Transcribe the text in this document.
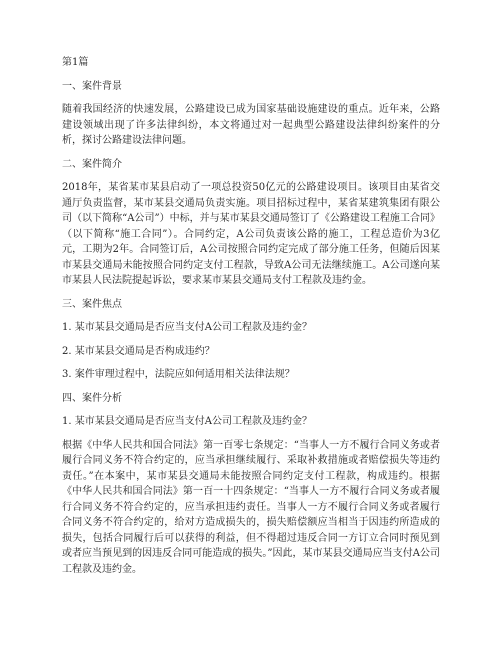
第1篇

一、案件背景

随着我国经济的快速发展，公路建设已成为国家基础设施建设的重点。近年来，公路建设领域出现了许多法律纠纷，本文将通过对一起典型公路建设法律纠纷案件的分析，探讨公路建设法律问题。

二、案件简介

2018年，某省某市某县启动了一项总投资50亿元的公路建设项目。该项目由某省交通厅负责监督，某市某县交通局负责实施。项目招标过程中，某省某建筑集团有限公司（以下简称“A公司”）中标，并与某市某县交通局签订了《公路建设工程施工合同》（以下简称“施工合同”）。合同约定，A公司负责该公路的施工，工程总造价为3亿元，工期为2年。合同签订后，A公司按照合同约定完成了部分施工任务，但随后因某市某县交通局未能按照合同约定支付工程款，导致A公司无法继续施工。A公司遂向某市某县人民法院提起诉讼，要求某市某县交通局支付工程款及违约金。

三、案件焦点

1. 某市某县交通局是否应当支付A公司工程款及违约金？

2. 某市某县交通局是否构成违约？

3. 案件审理过程中，法院应如何适用相关法律法规？

四、案件分析

1. 某市某县交通局是否应当支付A公司工程款及违约金？

根据《中华人民共和国合同法》第一百零七条规定：“当事人一方不履行合同义务或者履行合同义务不符合约定的，应当承担继续履行、采取补救措施或者赔偿损失等违约责任。”在本案中，某市某县交通局未能按照合同约定支付工程款，构成违约。根据《中华人民共和国合同法》第一百一十四条规定：“当事人一方不履行合同义务或者履行合同义务不符合约定的，应当承担违约责任。当事人一方不履行合同义务或者履行合同义务不符合约定的，给对方造成损失的，损失赔偿额应当相当于因违约所造成的损失，包括合同履行后可以获得的利益，但不得超过违反合同一方订立合同时预见到或者应当预见到的因违反合同可能造成的损失。”因此，某市某县交通局应当支付A公司工程款及违约金。
